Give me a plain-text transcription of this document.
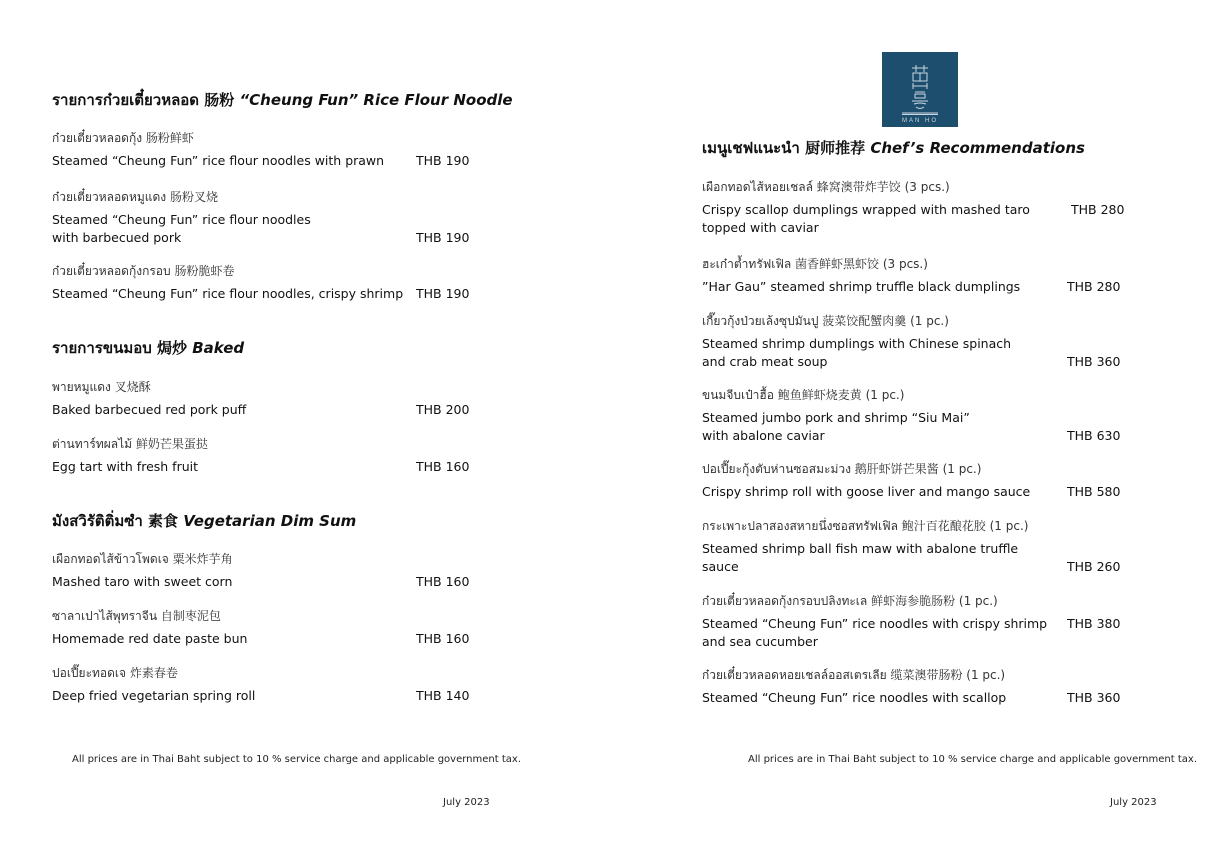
รายการก๋วยเตี๋ยวหลอด 肠粉 “Cheung Fun” Rice Flour Noodle
ก๋วยเตี๋ยวหลอดกุ้ง 肠粉鲜虾
Steamed “Cheung Fun” rice flour noodles with prawn	THB 190
ก๋วยเตี๋ยวหลอดหมูแดง 肠粉叉烧
Steamed “Cheung Fun” rice flour noodles
with barbecued pork	THB 190
ก๋วยเตี๋ยวหลอดกุ้งกรอบ 肠粉脆虾卷
Steamed “Cheung Fun” rice flour noodles, crispy shrimp	THB 190
รายการขนมอบ 焗炒 Baked
พายหมูแดง 叉烧酥
Baked barbecued red pork puff	THB 200
ต่านทาร์ทผลไม้ 鲜奶芒果蛋挞
Egg tart with fresh fruit	THB 160
มังสวิรัติติ่มซำ 素食 Vegetarian Dim Sum
เผือกทอดไส้ข้าวโพดเจ 粟米炸芋角
Mashed taro with sweet corn	THB 160
ซาลาเปาไส้พุทราจีน 自制枣泥包
Homemade red date paste bun	THB 160
ปอเปี๊ยะทอดเจ 炸素春卷
Deep fried vegetarian spring roll	THB 140
All prices are in Thai Baht subject to 10 % service charge and applicable government tax.
July 2023
MAN HO
เมนูเชฟแนะนำ 厨师推荐 Chef’s Recommendations
เผือกทอดไส้หอยเชลล์ 蜂窝澳带炸芋饺 (3 pcs.)
Crispy scallop dumplings wrapped with mashed taro
topped with caviar
THB 280
ฮะเก๋าต้ำทรัฟเฟิล 菌香鲜虾黑虾饺 (3 pcs.)
”Har Gau” steamed shrimp truffle black dumplings	THB 280
เกี๊ยวกุ้งป่วยเล้งซุปมันปู 菠菜饺配蟹肉羹 (1 pc.)
Steamed shrimp dumplings with Chinese spinach
and crab meat soup	THB 360
ขนมจีบเป๋าฮื้อ 鲍鱼鲜虾烧麦黄 (1 pc.)
Steamed jumbo pork and shrimp “Siu Mai”
with abalone caviar	THB 630
ปอเปี๊ยะกุ้งตับห่านซอสมะม่วง 鹅肝虾饼芒果酱 (1 pc.)
Crispy shrimp roll with goose liver and mango sauce	THB 580
กระเพาะปลาสองสหายนึ่งซอสทรัฟเฟิล 鲍汁百花酿花胶 (1 pc.)
Steamed shrimp ball fish maw with abalone truffle
sauce	THB 260
ก๋วยเตี๋ยวหลอดกุ้งกรอบปลิงทะเล 鲜虾海参脆肠粉 (1 pc.)
Steamed “Cheung Fun” rice noodles with crispy shrimp
and sea cucumber
THB 380
ก๋วยเตี๋ยวหลอดหอยเชลล์ออสเตรเลีย 缆菜澳带肠粉 (1 pc.)
Steamed “Cheung Fun” rice noodles with scallop	THB 360
All prices are in Thai Baht subject to 10 % service charge and applicable government tax.
July 2023
